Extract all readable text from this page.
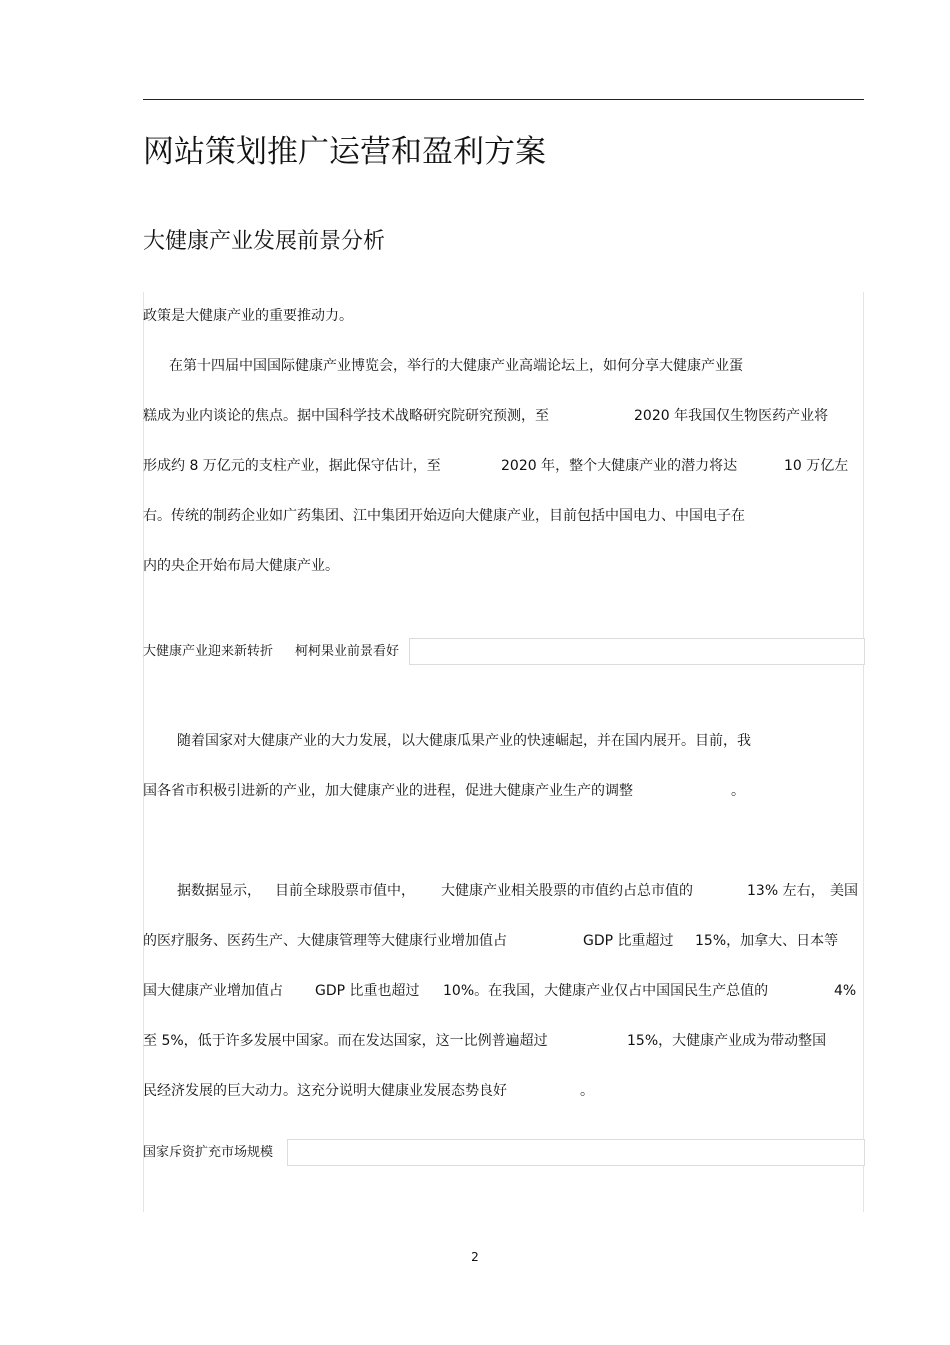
网站策划推广运营和盈利方案
大健康产业发展前景分析
政策是大健康产业的重要推动力。
在第十四届中国国际健康产业博览会，举行的大健康产业高端论坛上，如何分享大健康产业蛋
糕成为业内谈论的焦点。据中国科学技术战略研究院研究预测，至	2020 年我国仅生物医药产业将
形成约 8 万亿元的支柱产业，据此保守估计，至	2020 年，整个大健康产业的潜力将达	10 万亿左
右。传统的制药企业如广药集团、江中集团开始迈向大健康产业，目前包括中国电力、中国电子在
内的央企开始布局大健康产业。
大健康产业迎来新转折 柯柯果业前景看好
随着国家对大健康产业的大力发展，以大健康瓜果产业的快速崛起，并在国内展开。目前，我
国各省市积极引进新的产业，加大健康产业的进程，促进大健康产业生产的调整	。
据数据显示， 目前全球股票市值中， 大健康产业相关股票的市值约占总市值的	13% 左右， 美国
的医疗服务、医药生产、大健康管理等大健康行业增加值占	GDP 比重超过 15%，加拿大、日本等
国大健康产业增加值占 GDP 比重也超过 10%。在我国，大健康产业仅占中国国民生产总值的	4%
至 5%，低于许多发展中国家。而在发达国家，这一比例普遍超过	15%，大健康产业成为带动整国
民经济发展的巨大动力。这充分说明大健康业发展态势良好	。
国家斥资扩充市场规模
2
